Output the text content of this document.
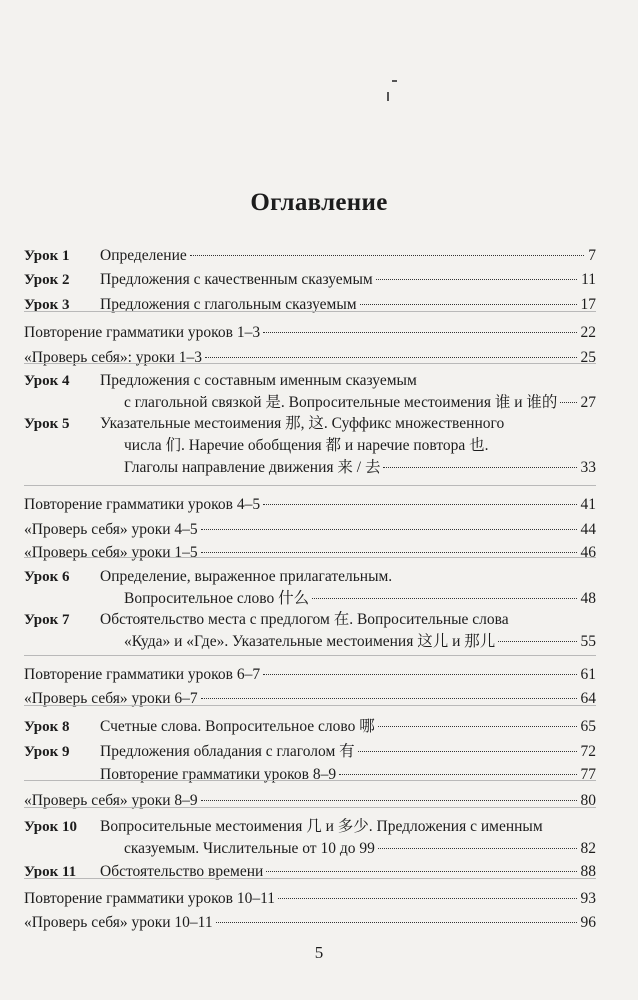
Оглавление
Урок 1 Определение	7
Урок 2 Предложения с качественным сказуемым	11
Урок 3 Предложения с глагольным сказуемым	17
Повторение грамматики уроков 1–3	22
«Проверь себя»: уроки 1–3	25
Урок 4 Предложения с составным именным сказуемым
с глагольной связкой 是. Вопросительные местоимения 谁 и 谁的 27
Урок 5 Указательные местоимения 那, 这. Суффикс множественного
числа 们. Наречие обобщения 都 и наречие повтора 也.
Глаголы направление движения 来 / 去	33
Повторение грамматики уроков 4–5	41
«Проверь себя» уроки 4–5	44
«Проверь себя» уроки 1–5	46
Урок 6 Определение, выраженное прилагательным.
Вопросительное слово 什么	48
Урок 7 Обстоятельство места с предлогом 在. Вопросительные слова
«Куда» и «Где». Указательные местоимения 这儿 и 那儿	55
Повторение грамматики уроков 6–7	61
«Проверь себя» уроки 6–7	64
Урок 8 Счетные слова. Вопросительное слово 哪	65
Урок 9 Предложения обладания с глаголом 有	72
Повторение грамматики уроков 8–9	77
«Проверь себя» уроки 8–9	80
Урок 10 Вопросительные местоимения 几 и 多少. Предложения с именным
сказуемым. Числительные от 10 до 99	82
Урок 11 Обстоятельство времени	88
Повторение грамматики уроков 10–11	93
«Проверь себя» уроки 10–11	96
5
